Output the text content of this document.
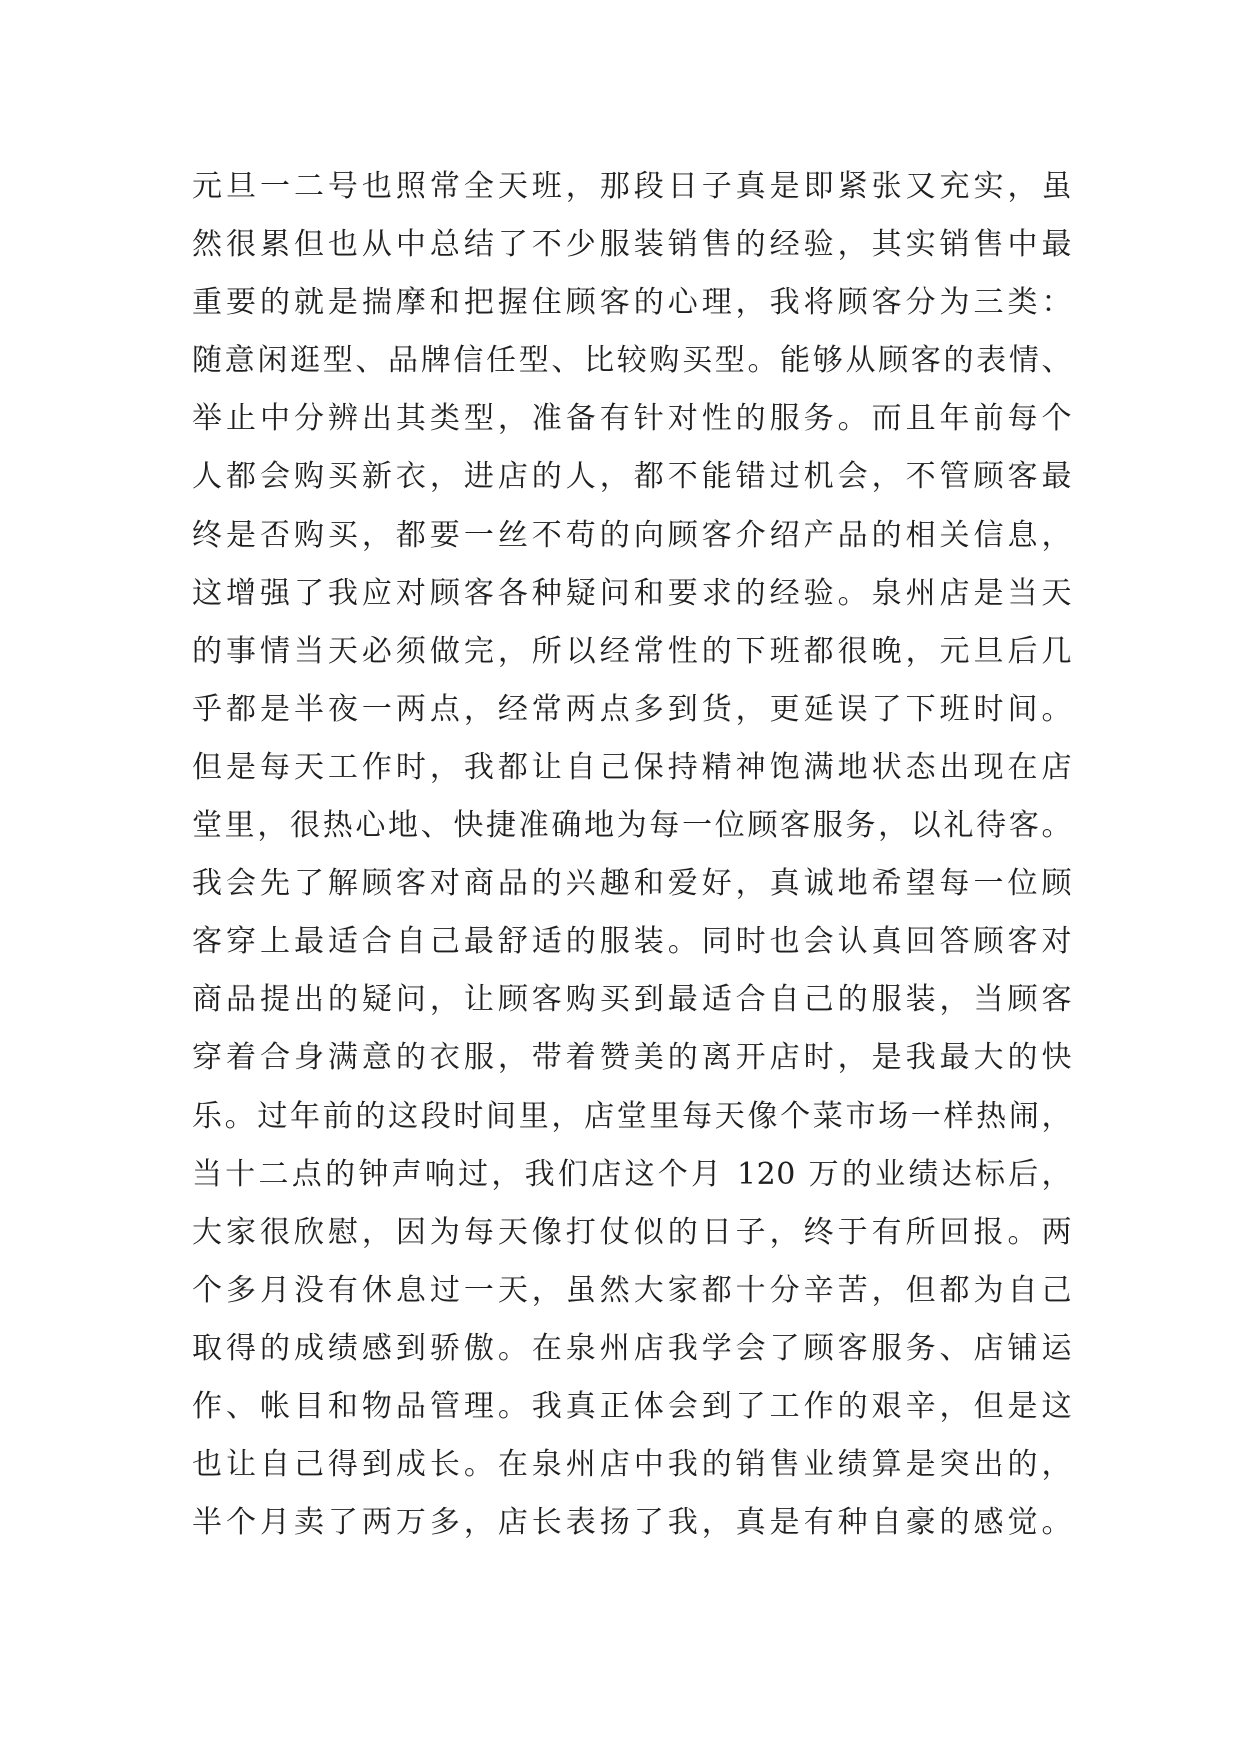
元旦一二号也照常全天班，那段日子真是即紧张又充实，虽
然很累但也从中总结了不少服装销售的经验，其实销售中最
重要的就是揣摩和把握住顾客的心理，我将顾客分为三类：
随意闲逛型、品牌信任型、比较购买型。能够从顾客的表情、
举止中分辨出其类型，准备有针对性的服务。而且年前每个
人都会购买新衣，进店的人，都不能错过机会，不管顾客最
终是否购买，都要一丝不苟的向顾客介绍产品的相关信息，
这增强了我应对顾客各种疑问和要求的经验。泉州店是当天
的事情当天必须做完，所以经常性的下班都很晚，元旦后几
乎都是半夜一两点，经常两点多到货，更延误了下班时间。
但是每天工作时，我都让自己保持精神饱满地状态出现在店
堂里，很热心地、快捷准确地为每一位顾客服务，以礼待客。
我会先了解顾客对商品的兴趣和爱好，真诚地希望每一位顾
客穿上最适合自己最舒适的服装。同时也会认真回答顾客对
商品提出的疑问，让顾客购买到最适合自己的服装，当顾客
穿着合身满意的衣服，带着赞美的离开店时，是我最大的快
乐。过年前的这段时间里，店堂里每天像个菜市场一样热闹，
当十二点的钟声响过，我们店这个月 120 万的业绩达标后，
大家很欣慰，因为每天像打仗似的日子，终于有所回报。两
个多月没有休息过一天，虽然大家都十分辛苦，但都为自己
取得的成绩感到骄傲。在泉州店我学会了顾客服务、店铺运
作、帐目和物品管理。我真正体会到了工作的艰辛，但是这
也让自己得到成长。在泉州店中我的销售业绩算是突出的，
半个月卖了两万多，店长表扬了我，真是有种自豪的感觉。
